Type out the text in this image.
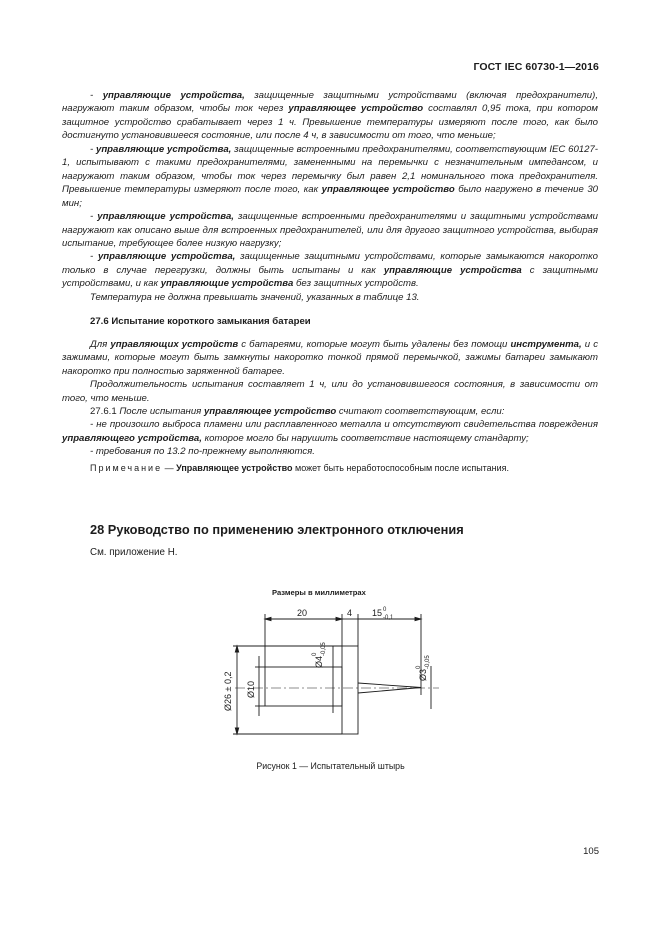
ГОСТ IEC 60730-1—2016

- управляющие устройства, защищенные защитными устройствами (включая предохранители), нагружают таким образом, чтобы ток через управляющее устройство составлял 0,95 тока, при котором защитное устройство срабатывает через 1 ч. Превышение температуры измеряют после того, как было достигнуто установившееся состояние, или после 4 ч, в зависимости от того, что меньше;

- управляющие устройства, защищенные встроенными предохранителями, соответствующим IEC 60127-1, испытывают с такими предохранителями, замененными на перемычки с незначительным импедансом, и нагружают таким образом, чтобы ток через перемычку был равен 2,1 номинального тока предохранителя. Превышение температуры измеряют после того, как управляющее устройство было нагружено в течение 30 мин;

- управляющие устройства, защищенные встроенными предохранителями и защитными устройствами нагружают как описано выше для встроенных предохранителей, или для другого защитного устройства, выбирая испытание, требующее более низкую нагрузку;

- управляющие устройства, защищенные защитными устройствами, которые замыкаются накоротко только в случае перегрузки, должны быть испытаны и как управляющие устройства с защитными устройствами, и как управляющие устройства без защитных устройств.

Температура не должна превышать значений, указанных в таблице 13.

27.6 Испытание короткого замыкания батареи

Для управляющих устройств с батареями, которые могут быть удалены без помощи инструмента, и с зажимами, которые могут быть замкнуты накоротко тонкой прямой перемычкой, зажимы батареи замыкают накоротко при полностью заряженной батарее.

Продолжительность испытания составляет 1 ч, или до установившегося состояния, в зависимости от того, что меньше.

27.6.1 После испытания управляющее устройство считают соответствующим, если:

- не произошло выброса пламени или расплавленного металла и отсутствуют свидетельства повреждения управляющего устройства, которое могло бы нарушить соответствие настоящему стандарту;

- требования по 13.2 по-прежнему выполняются.

Примечание — Управляющее устройство может быть неработоспособным после испытания.
28 Руководство по применению электронного отключения

См. приложение Н.

Размеры в миллиметрах
20	4 15 0
-0,1
Ø4
0 -0,05
Ø3
0 -0,05
Ø26 ± 0,2 Ø10
Рисунок 1 — Испытательный штырь
105
